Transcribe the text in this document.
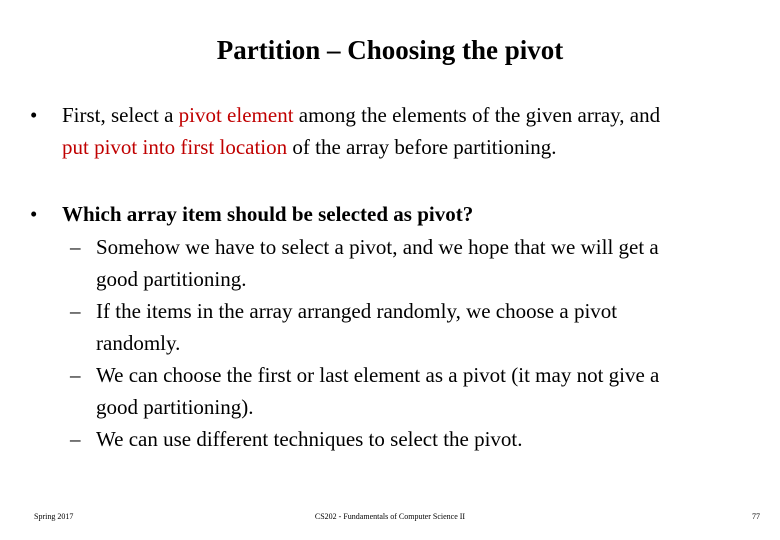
Partition – Choosing the pivot
• First, select a pivot element among the elements of the given array, and
put pivot into first location of the array before partitioning.
• Which array item should be selected as pivot?
– Somehow we have to select a pivot, and we hope that we will get a
good partitioning.
– If the items in the array arranged randomly, we choose a pivot
randomly.
– We can choose the first or last element as a pivot (it may not give a
good partitioning).
– We can use different techniques to select the pivot.
Spring 2017	CS202 - Fundamentals of Computer Science II	77
